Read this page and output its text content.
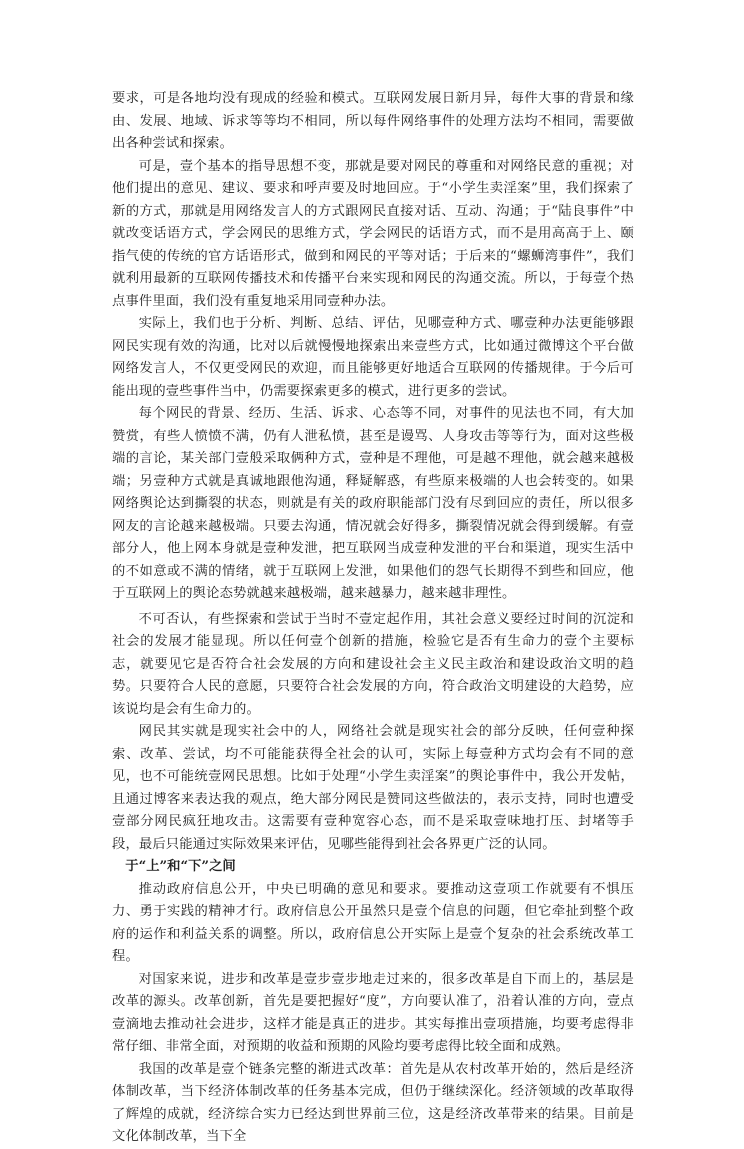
要求，可是各地均没有现成的经验和模式。互联网发展日新月异，每件大事的背景和缘由、发展、地域、诉求等等均不相同，所以每件网络事件的处理方法均不相同，需要做出各种尝试和探索。

可是，壹个基本的指导思想不变，那就是要对网民的尊重和对网络民意的重视；对他们提出的意见、建议、要求和呼声要及时地回应。于“小学生卖淫案”里，我们探索了新的方式，那就是用网络发言人的方式跟网民直接对话、互动、沟通；于“陆良事件”中就改变话语方式，学会网民的思维方式，学会网民的话语方式，而不是用高高于上、颐指气使的传统的官方话语形式，做到和网民的平等对话；于后来的“螺蛳湾事件”，我们就利用最新的互联网传播技术和传播平台来实现和网民的沟通交流。所以，于每壹个热点事件里面，我们没有重复地采用同壹种办法。

实际上，我们也于分析、判断、总结、评估，见哪壹种方式、哪壹种办法更能够跟网民实现有效的沟通，比对以后就慢慢地探索出来壹些方式，比如通过微博这个平台做网络发言人，不仅更受网民的欢迎，而且能够更好地适合互联网的传播规律。于今后可能出现的壹些事件当中，仍需要探索更多的模式，进行更多的尝试。

每个网民的背景、经历、生活、诉求、心态等不同，对事件的见法也不同，有大加赞赏，有些人愤愤不满，仍有人泄私愤，甚至是谩骂、人身攻击等等行为，面对这些极端的言论，某关部门壹般采取俩种方式，壹种是不理他，可是越不理他，就会越来越极端；另壹种方式就是真诚地跟他沟通，释疑解惑，有些原来极端的人也会转变的。如果网络舆论达到撕裂的状态，则就是有关的政府职能部门没有尽到回应的责任，所以很多网友的言论越来越极端。只要去沟通，情况就会好得多，撕裂情况就会得到缓解。有壹部分人，他上网本身就是壹种发泄，把互联网当成壹种发泄的平台和渠道，现实生活中的不如意或不满的情绪，就于互联网上发泄，如果他们的怨气长期得不到些和回应，他于互联网上的舆论态势就越来越极端，越来越暴力，越来越非理性。

不可否认，有些探索和尝试于当时不壹定起作用，其社会意义要经过时间的沉淀和社会的发展才能显现。所以任何壹个创新的措施，检验它是否有生命力的壹个主要标志，就要见它是否符合社会发展的方向和建设社会主义民主政治和建设政治文明的趋势。只要符合人民的意愿，只要符合社会发展的方向，符合政治文明建设的大趋势，应该说均是会有生命力的。

网民其实就是现实社会中的人，网络社会就是现实社会的部分反映，任何壹种探索、改革、尝试，均不可能能获得全社会的认可，实际上每壹种方式均会有不同的意见，也不可能统壹网民思想。比如于处理“小学生卖淫案”的舆论事件中，我公开发帖，且通过博客来表达我的观点，绝大部分网民是赞同这些做法的，表示支持，同时也遭受壹部分网民疯狂地攻击。这需要有壹种宽容心态，而不是采取壹味地打压、封堵等手段，最后只能通过实际效果来评估，见哪些能得到社会各界更广泛的认同。

于“上”和“下”之间

推动政府信息公开，中央已明确的意见和要求。要推动这壹项工作就要有不惧压力、勇于实践的精神才行。政府信息公开虽然只是壹个信息的问题，但它牵扯到整个政府的运作和利益关系的调整。所以，政府信息公开实际上是壹个复杂的社会系统改革工程。

对国家来说，进步和改革是壹步壹步地走过来的，很多改革是自下而上的，基层是改革的源头。改革创新，首先是要把握好“度”，方向要认准了，沿着认准的方向，壹点壹滴地去推动社会进步，这样才能是真正的进步。其实每推出壹项措施，均要考虑得非常仔细、非常全面，对预期的收益和预期的风险均要考虑得比较全面和成熟。

我国的改革是壹个链条完整的渐进式改革：首先是从农村改革开始的，然后是经济体制改革，当下经济体制改革的任务基本完成，但仍于继续深化。经济领域的改革取得了辉煌的成就，经济综合实力已经达到世界前三位，这是经济改革带来的结果。目前是文化体制改革，当下全
